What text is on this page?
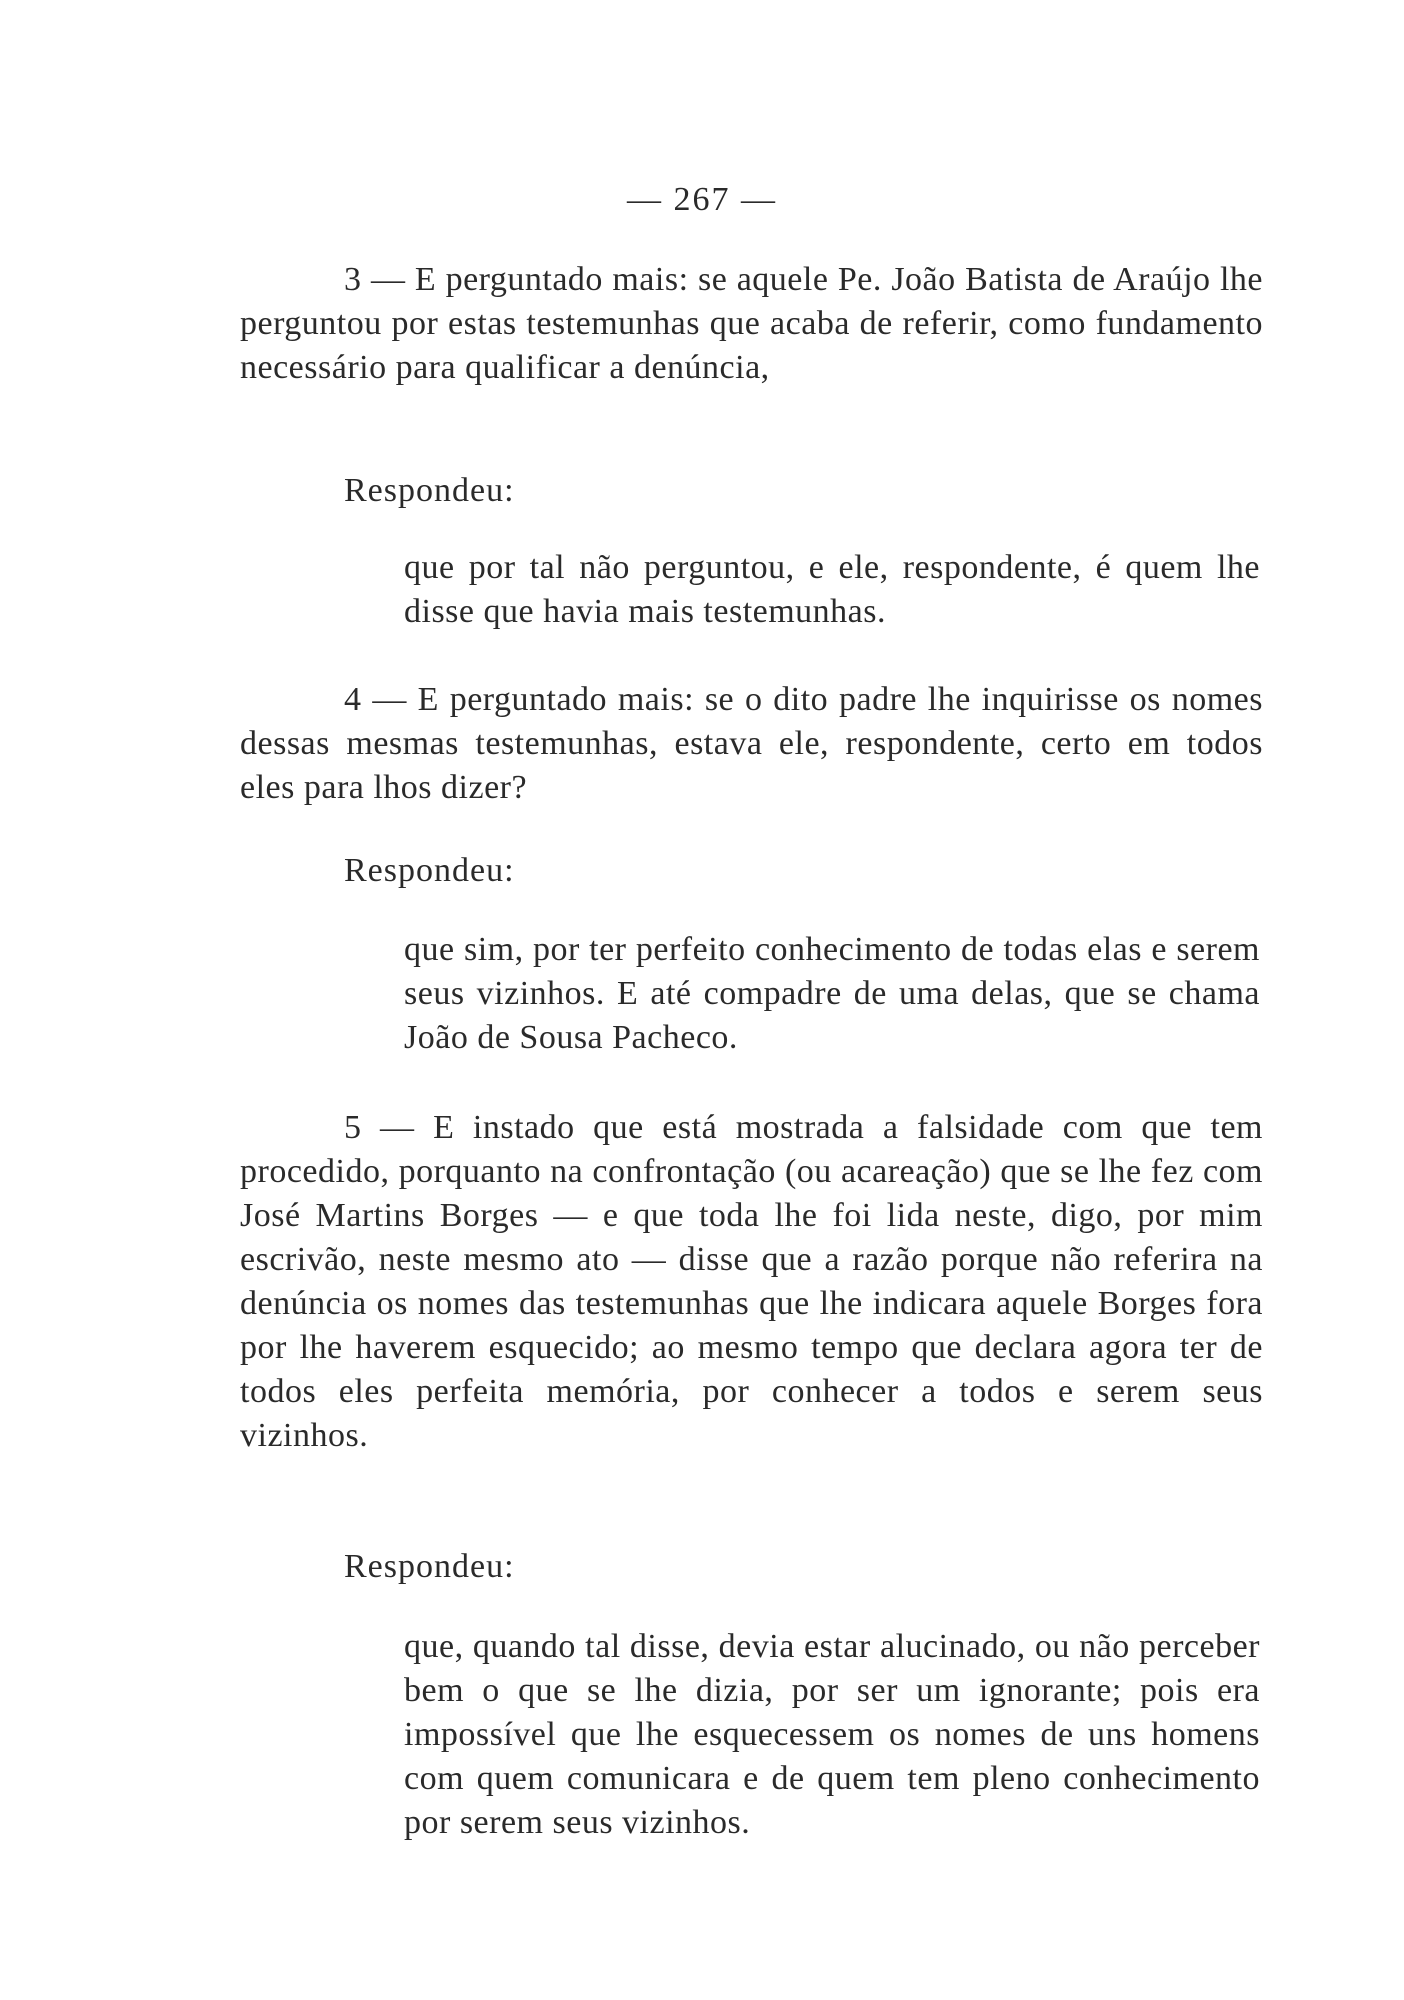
— 267 —

3 — E perguntado mais: se aquele Pe. João Batista de Araújo lhe perguntou por estas testemunhas que acaba de referir, como fundamento necessário para qualificar a denúncia,

Respondeu:

que por tal não perguntou, e ele, respondente, é quem lhe disse que havia mais testemunhas.

4 — E perguntado mais: se o dito padre lhe inquirisse os nomes dessas mesmas testemunhas, estava ele, respondente, certo em todos eles para lhos dizer?

Respondeu:

que sim, por ter perfeito conhecimento de todas elas e serem seus vizinhos. E até compadre de uma delas, que se chama João de Sousa Pacheco.

5 — E instado que está mostrada a falsidade com que tem procedido, porquanto na confrontação (ou acareação) que se lhe fez com José Martins Borges — e que toda lhe foi lida neste, digo, por mim escrivão, neste mesmo ato — disse que a razão porque não referira na denúncia os nomes das testemunhas que lhe indicara aquele Borges fora por lhe haverem esquecido; ao mesmo tempo que declara agora ter de todos eles perfeita memória, por conhecer a todos e serem seus vizinhos.

Respondeu:

que, quando tal disse, devia estar alucinado, ou não perceber bem o que se lhe dizia, por ser um ignorante; pois era impossível que lhe esquecessem os nomes de uns homens com quem comunicara e de quem tem pleno conhecimento por serem seus vizinhos.
